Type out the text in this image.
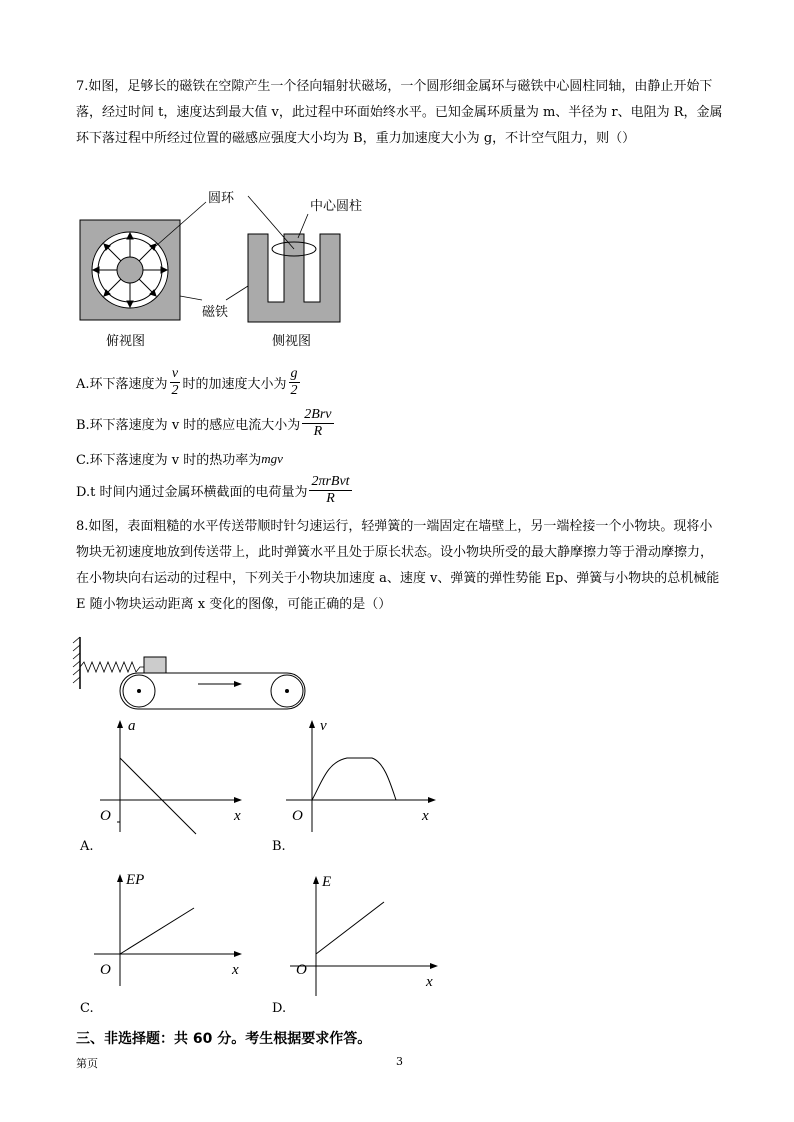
7.如图，足够长的磁铁在空隙产生一个径向辐射状磁场，一个圆形细金属环与磁铁中心圆柱同轴，由静止开始下落，经过时间 t，速度达到最大值 v，此过程中环面始终水平。已知金属环质量为 m、半径为 r、电阻为 R，金属环下落过程中所经过位置的磁感应强度大小均为 B，重力加速度大小为 g，不计空气阻力，则（）
圆环
中心圆柱
磁铁
俯视图	侧视图
A.环下落速度为 $\frac{v}{2}$ 时的加速度大小为 $\frac{g}{2}$
B.环下落速度为 v 时的感应电流大小为 $\frac{\text{2Brv}}{R}$
C.环下落速度为 v 时的热功率为 mgv
D.t 时间内通过金属环横截面的电荷量为 $\frac{\text{2πrBvt}}{R}$
8.如图，表面粗糙的水平传送带顺时针匀速运行，轻弹簧的一端固定在墙壁上，另一端栓接一个小物块。现将小物块无初速度地放到传送带上，此时弹簧水平且处于原长状态。设小物块所受的最大静摩擦力等于滑动摩擦力，在小物块向右运动的过程中，下列关于小物块加速度 a、速度 v、弹簧的弹性势能 Ep、弹簧与小物块的总机械能 E 随小物块运动距离 x 变化的图像，可能正确的是（）
a
x
O
A.
v
x
O
B.
EP
x
O
C.
E
x
O
D.
三、非选择题：共 60 分。考生根据要求作答。
第页	3
